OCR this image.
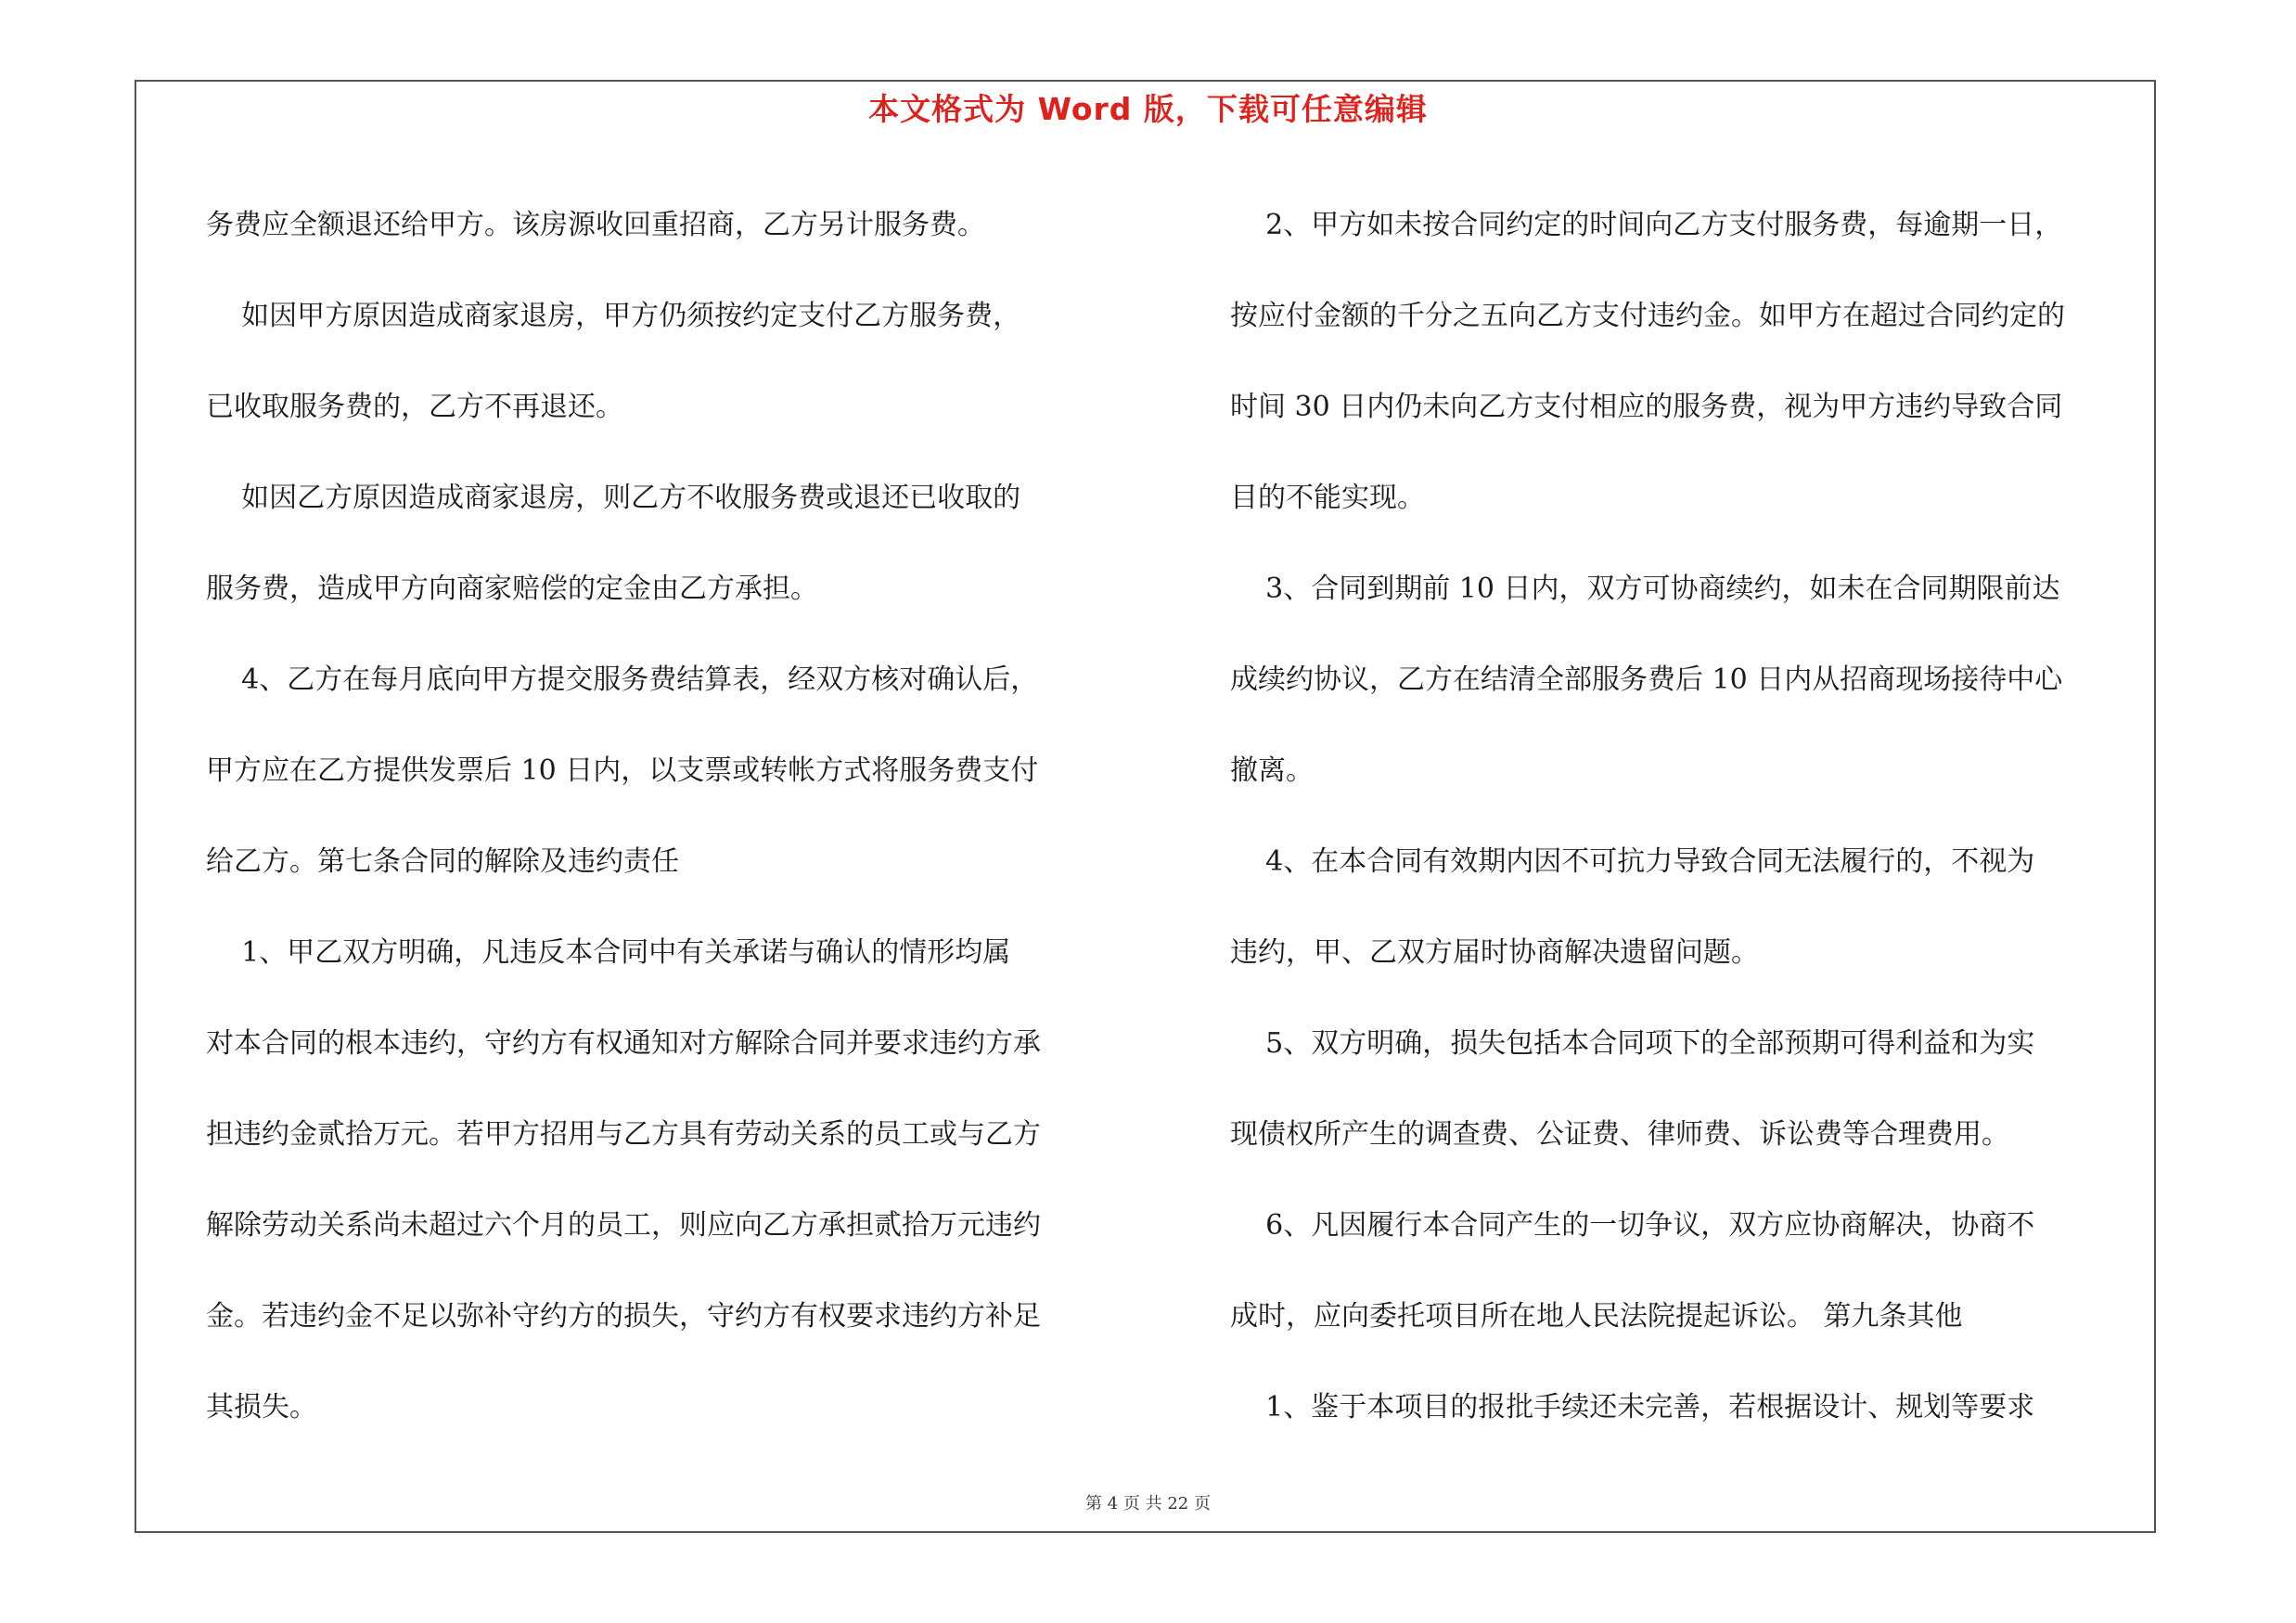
本文格式为 Word 版，下载可任意编辑

务费应全额退还给甲方。该房源收回重招商，乙方另计服务费。

如因甲方原因造成商家退房，甲方仍须按约定支付乙方服务费，

已收取服务费的，乙方不再退还。

如因乙方原因造成商家退房，则乙方不收服务费或退还已收取的

服务费，造成甲方向商家赔偿的定金由乙方承担。

4、乙方在每月底向甲方提交服务费结算表，经双方核对确认后，

甲方应在乙方提供发票后 10 日内，以支票或转帐方式将服务费支付

给乙方。第七条合同的解除及违约责任

1、甲乙双方明确，凡违反本合同中有关承诺与确认的情形均属

对本合同的根本违约，守约方有权通知对方解除合同并要求违约方承

担违约金贰拾万元。若甲方招用与乙方具有劳动关系的员工或与乙方

解除劳动关系尚未超过六个月的员工，则应向乙方承担贰拾万元违约

金。若违约金不足以弥补守约方的损失，守约方有权要求违约方补足

其损失。

2、甲方如未按合同约定的时间向乙方支付服务费，每逾期一日，

按应付金额的千分之五向乙方支付违约金。如甲方在超过合同约定的

时间 30 日内仍未向乙方支付相应的服务费，视为甲方违约导致合同

目的不能实现。

3、合同到期前 10 日内，双方可协商续约，如未在合同期限前达

成续约协议，乙方在结清全部服务费后 10 日内从招商现场接待中心

撤离。

4、在本合同有效期内因不可抗力导致合同无法履行的，不视为

违约，甲、乙双方届时协商解决遗留问题。

5、双方明确，损失包括本合同项下的全部预期可得利益和为实

现债权所产生的调查费、公证费、律师费、诉讼费等合理费用。

6、凡因履行本合同产生的一切争议，双方应协商解决，协商不

成时，应向委托项目所在地人民法院提起诉讼。 第九条其他

1、鉴于本项目的报批手续还未完善，若根据设计、规划等要求

第 4 页 共 22 页
